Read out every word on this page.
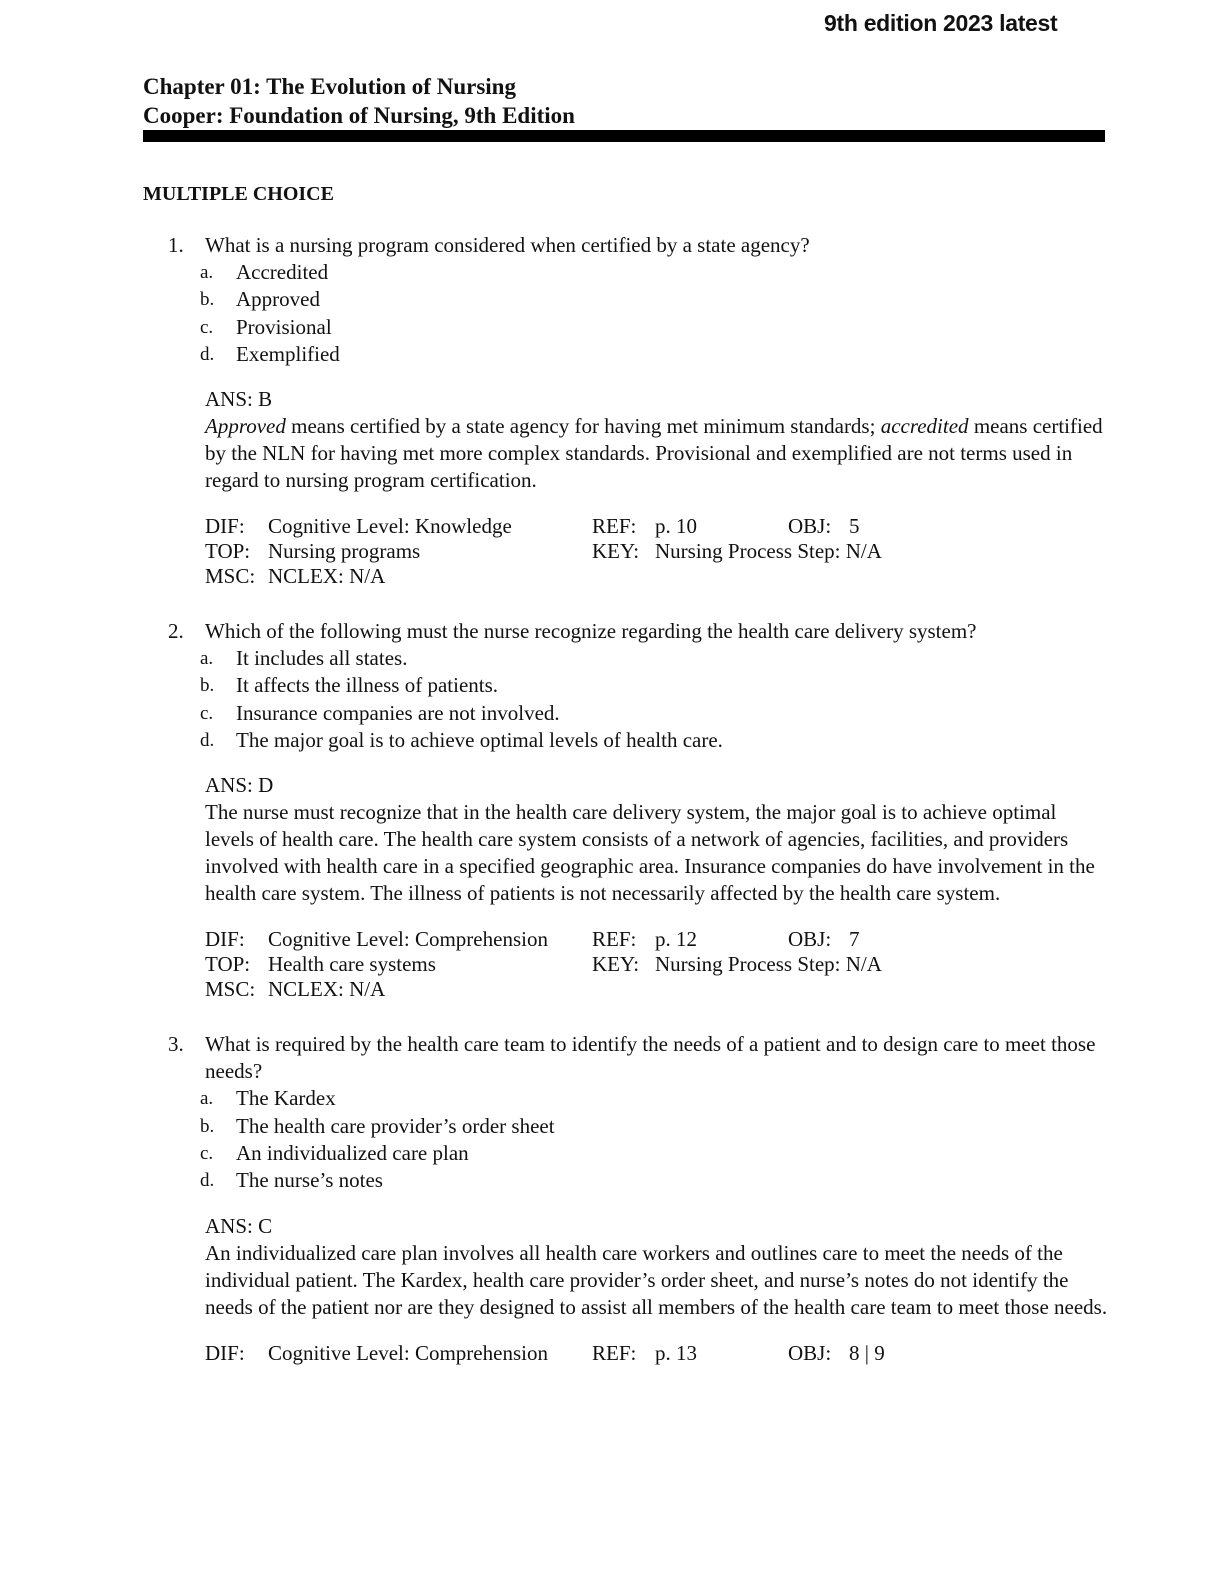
9th edition 2023 latest
Chapter 01: The Evolution of Nursing
Cooper: Foundation of Nursing, 9th Edition
MULTIPLE CHOICE
1. What is a nursing program considered when certified by a state agency?
a. Accredited
b. Approved
c. Provisional
d. Exemplified
ANS: B
Approved means certified by a state agency for having met minimum standards; accredited means certified by the NLN for having met more complex standards. Provisional and exemplified are not terms used in regard to nursing program certification.
DIF: Cognitive Level: Knowledge	REF: p. 10	OBJ: 5
TOP: Nursing programs	KEY: Nursing Process Step: N/A
MSC: NCLEX: N/A
2. Which of the following must the nurse recognize regarding the health care delivery system?
a. It includes all states.
b. It affects the illness of patients.
c. Insurance companies are not involved.
d. The major goal is to achieve optimal levels of health care.
ANS: D
The nurse must recognize that in the health care delivery system, the major goal is to achieve optimal levels of health care. The health care system consists of a network of agencies, facilities, and providers involved with health care in a specified geographic area. Insurance companies do have involvement in the health care system. The illness of patients is not necessarily affected by the health care system.
DIF: Cognitive Level: Comprehension REF: p. 12	OBJ: 7
TOP: Health care systems	KEY: Nursing Process Step: N/A
MSC: NCLEX: N/A
3. What is required by the health care team to identify the needs of a patient and to design care to meet those needs?
a. The Kardex
b. The health care provider’s order sheet
c. An individualized care plan
d. The nurse’s notes
ANS: C
An individualized care plan involves all health care workers and outlines care to meet the needs of the individual patient. The Kardex, health care provider’s order sheet, and nurse’s notes do not identify the needs of the patient nor are they designed to assist all members of the health care team to meet those needs.
DIF: Cognitive Level: Comprehension REF: p. 13	OBJ: 8 | 9
